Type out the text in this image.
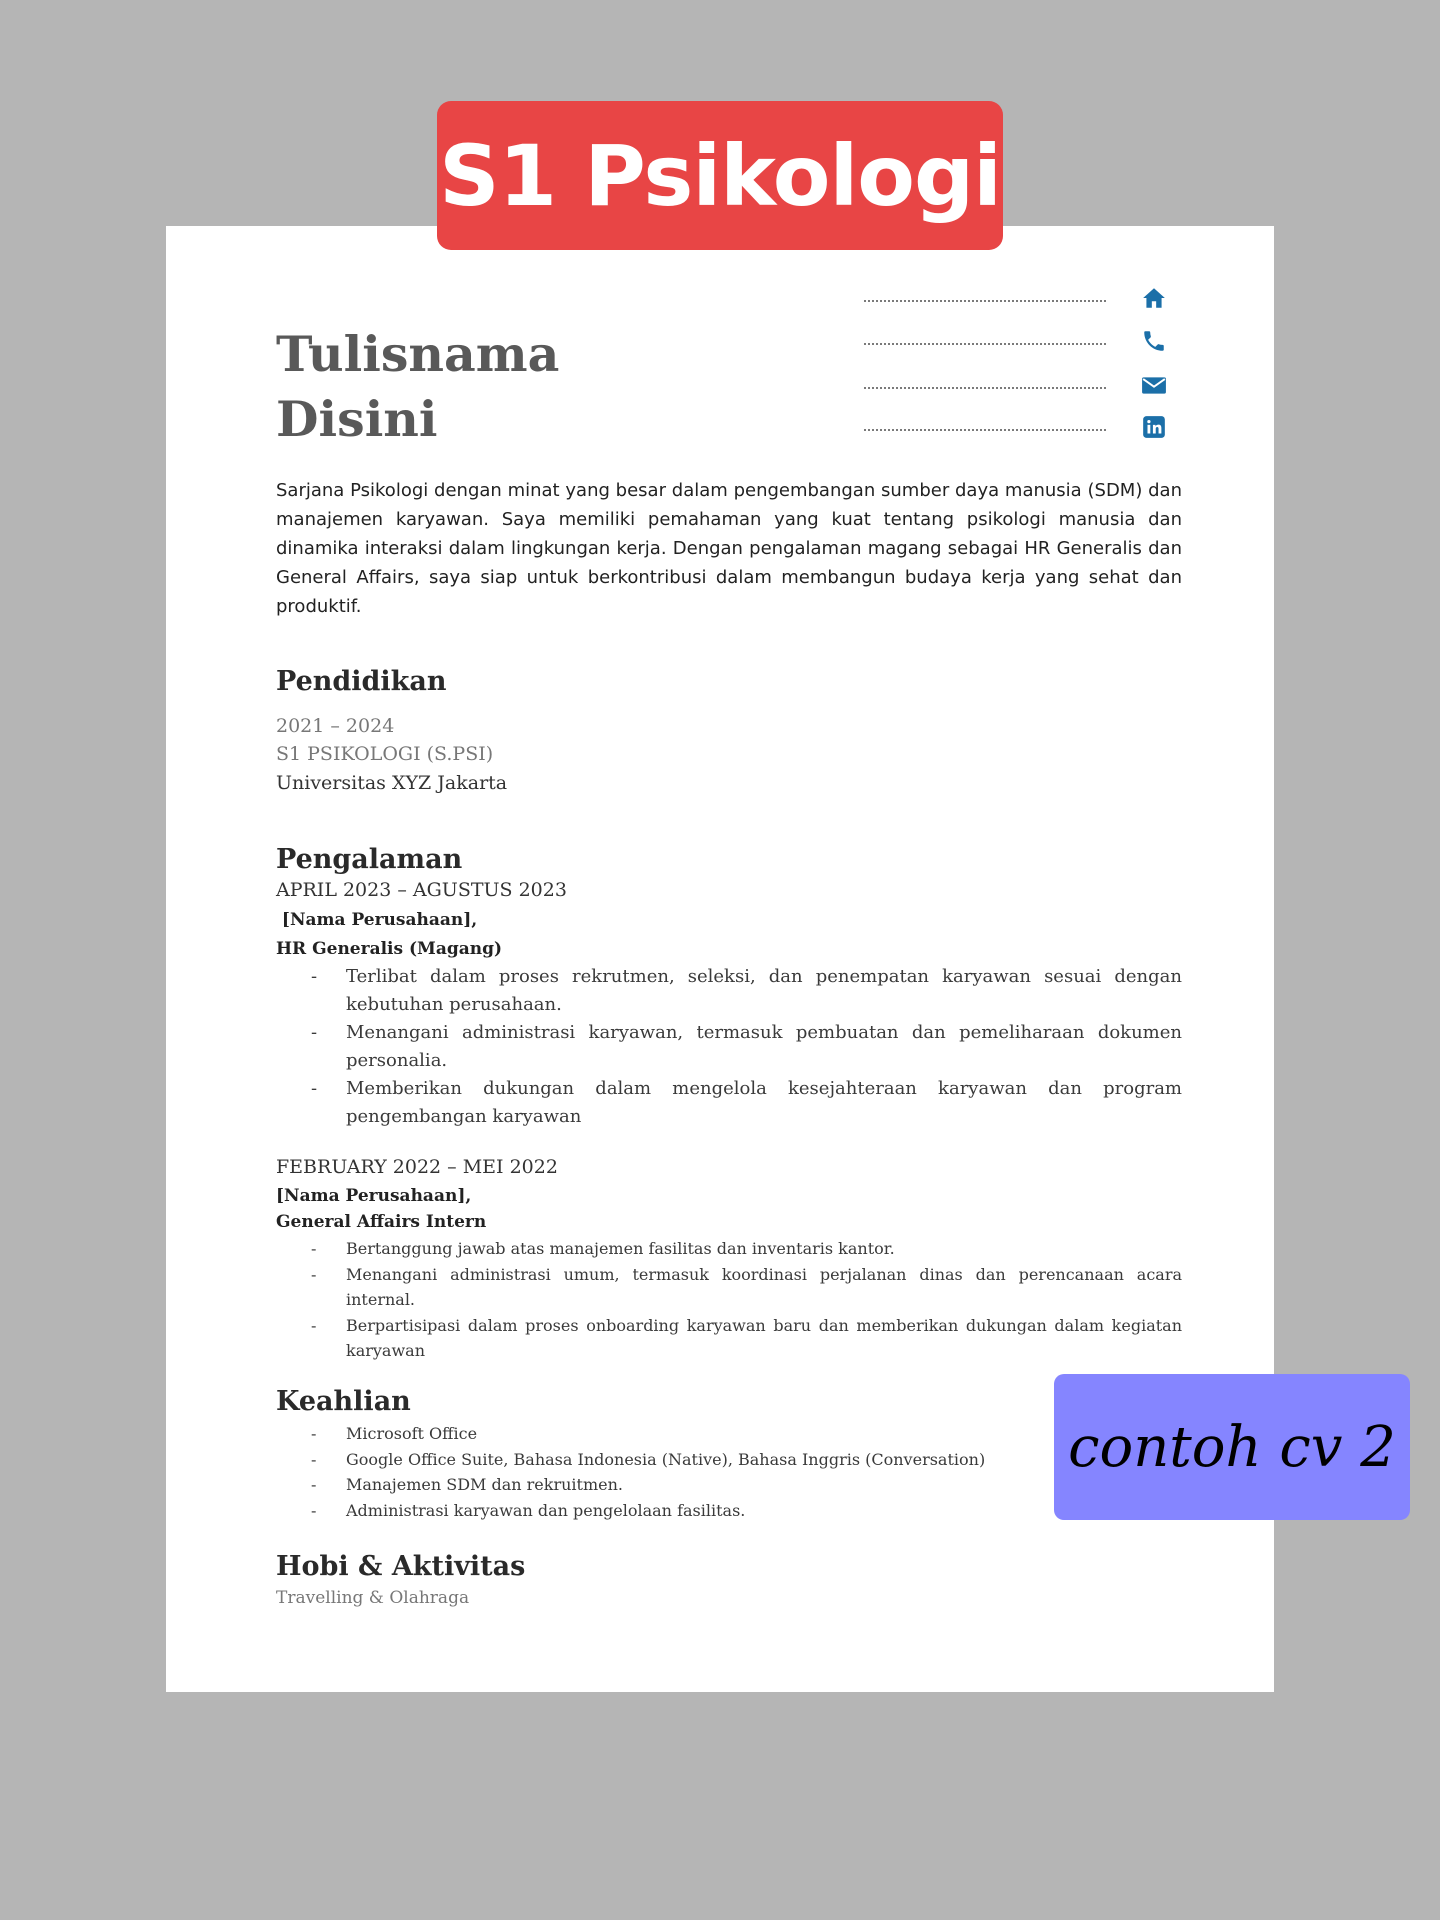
S1 Psikologi
Tulisnama
Disini

Sarjana Psikologi dengan minat yang besar dalam pengembangan sumber daya manusia (SDM) dan manajemen karyawan. Saya memiliki pemahaman yang kuat tentang psikologi manusia dan dinamika interaksi dalam lingkungan kerja. Dengan pengalaman magang sebagai HR Generalis dan General Affairs, saya siap untuk berkontribusi dalam membangun budaya kerja yang sehat dan produktif.

Pendidikan

2021 – 2024

S1 PSIKOLOGI (S.PSI)

Universitas XYZ Jakarta

Pengalaman

APRIL 2023 – AGUSTUS 2023

[Nama Perusahaan],

HR Generalis (Magang)

- Terlibat dalam proses rekrutmen, seleksi, dan penempatan karyawan sesuai dengan kebutuhan perusahaan.
- Menangani administrasi karyawan, termasuk pembuatan dan pemeliharaan dokumen personalia.
- Memberikan dukungan dalam mengelola kesejahteraan karyawan dan program pengembangan karyawan

FEBRUARY 2022 – MEI 2022

[Nama Perusahaan],

General Affairs Intern

- Bertanggung jawab atas manajemen fasilitas dan inventaris kantor.
- Menangani administrasi umum, termasuk koordinasi perjalanan dinas dan perencanaan acara internal.
- Berpartisipasi dalam proses onboarding karyawan baru dan memberikan dukungan dalam kegiatan karyawan
Keahlian
- Microsoft Office
- Google Office Suite, Bahasa Indonesia (Native), Bahasa Inggris (Conversation)
- Manajemen SDM dan rekruitmen.
- Administrasi karyawan dan pengelolaan fasilitas.
Hobi & Aktivitas

Travelling & Olahraga

contoh cv 2
